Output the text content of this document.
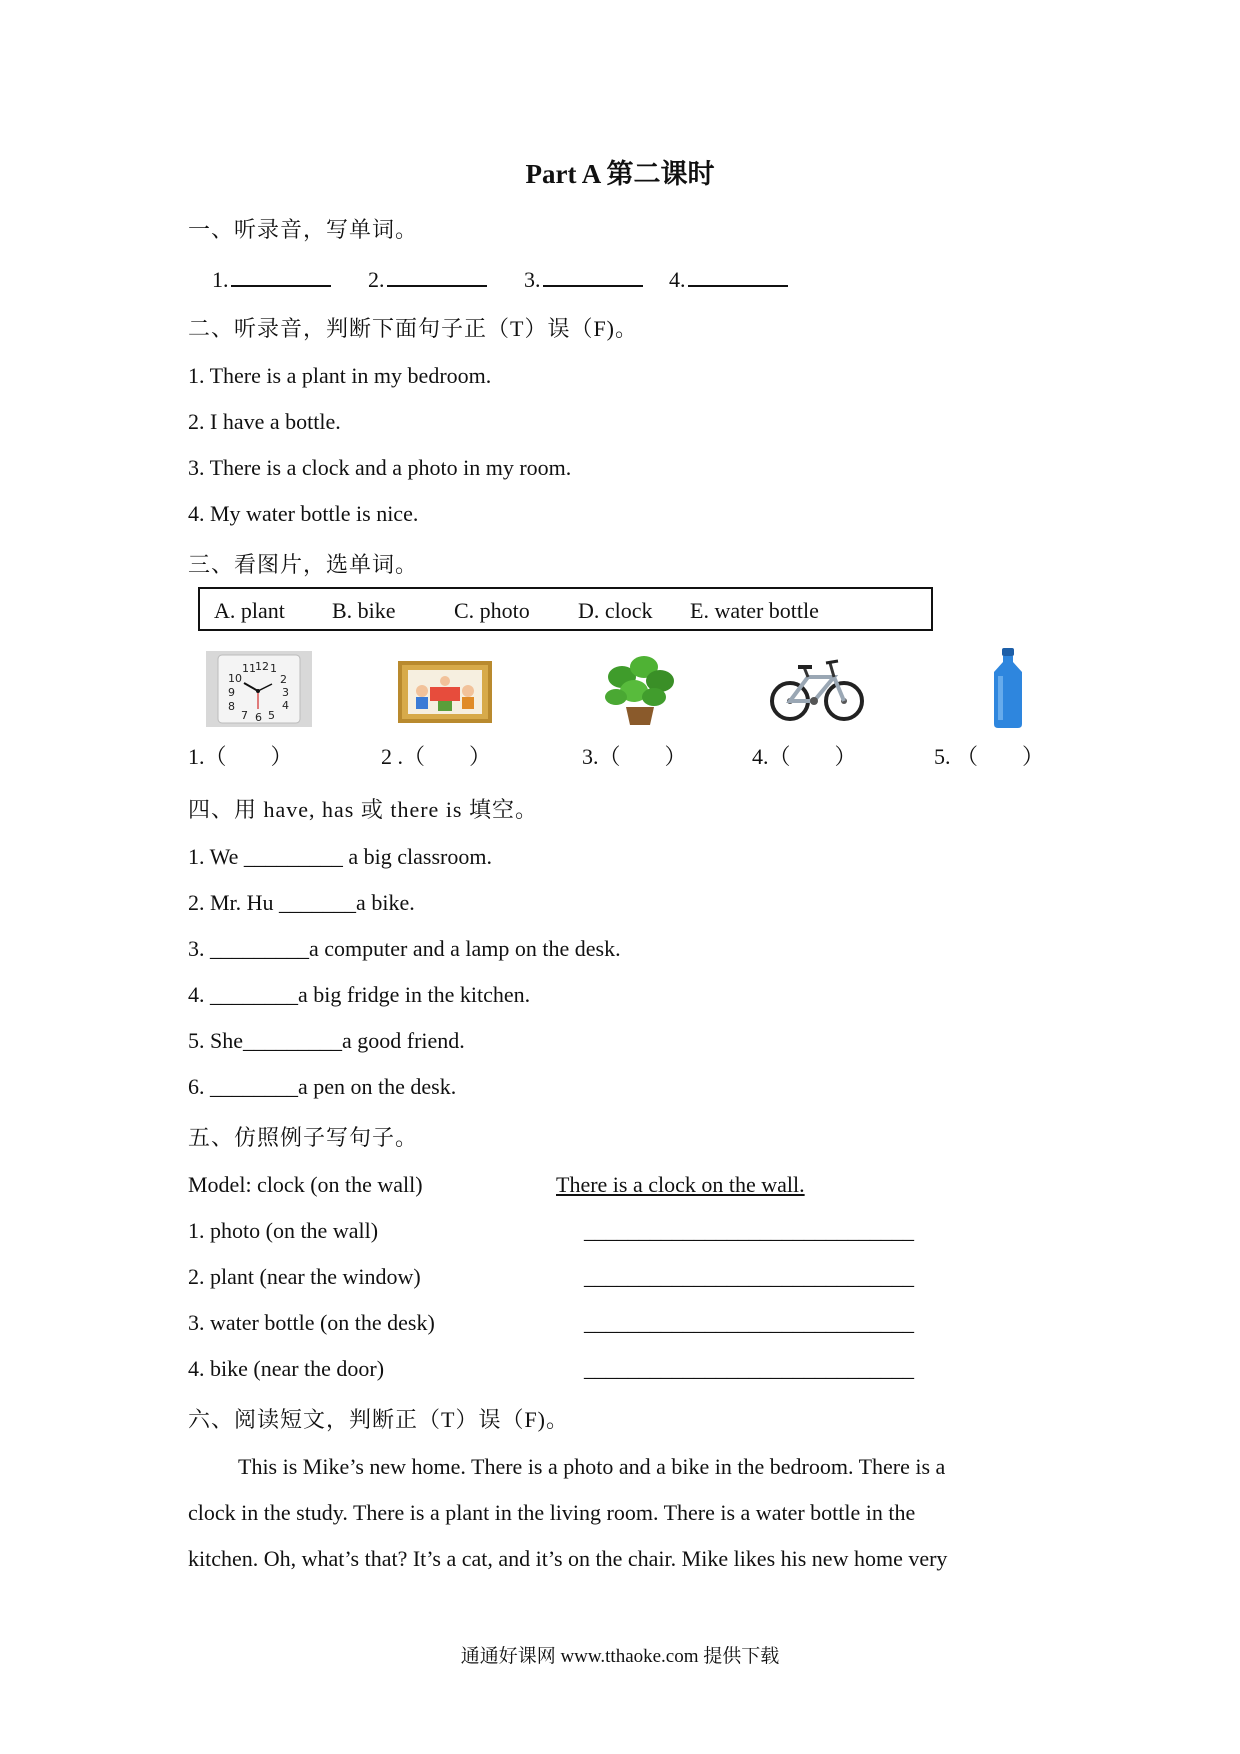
Part A 第二课时
一、听录音，写单词。
1.	2.	3.	4.
二、听录音，判断下面句子正（T）误（F)。
1. There is a plant in my bedroom.
2. I have a bottle.
3. There is a clock and a photo in my room.
4. My water bottle is nice.
三、看图片，选单词。
A. plant B. bike	C. photo D. clock E. water bottle
11 12 1
10	2
9	3
8	4
7 6 5
1.（　　）	2 .（　　）	3.（　　）	4.（　　）	5. （　　）
四、用 have, has 或 there is 填空。
1. We _________ a big classroom.
2. Mr. Hu _______a bike.
3. _________a computer and a lamp on the desk.
4. ________a big fridge in the kitchen.
5. She_________a good friend.
6. ________a pen on the desk.
五、仿照例子写句子。
Model: clock (on the wall)	There is a clock on the wall.
1. photo (on the wall)	______________________________
2. plant (near the window)	______________________________
3. water bottle (on the desk)	______________________________
4. bike (near the door)	______________________________
六、阅读短文，判断正（T）误（F)。
This is Mike’s new home. There is a photo and a bike in the bedroom. There is a
clock in the study. There is a plant in the living room. There is a water bottle in the
kitchen. Oh, what’s that? It’s a cat, and it’s on the chair. Mike likes his new home very
通通好课网 www.tthaoke.com 提供下载
